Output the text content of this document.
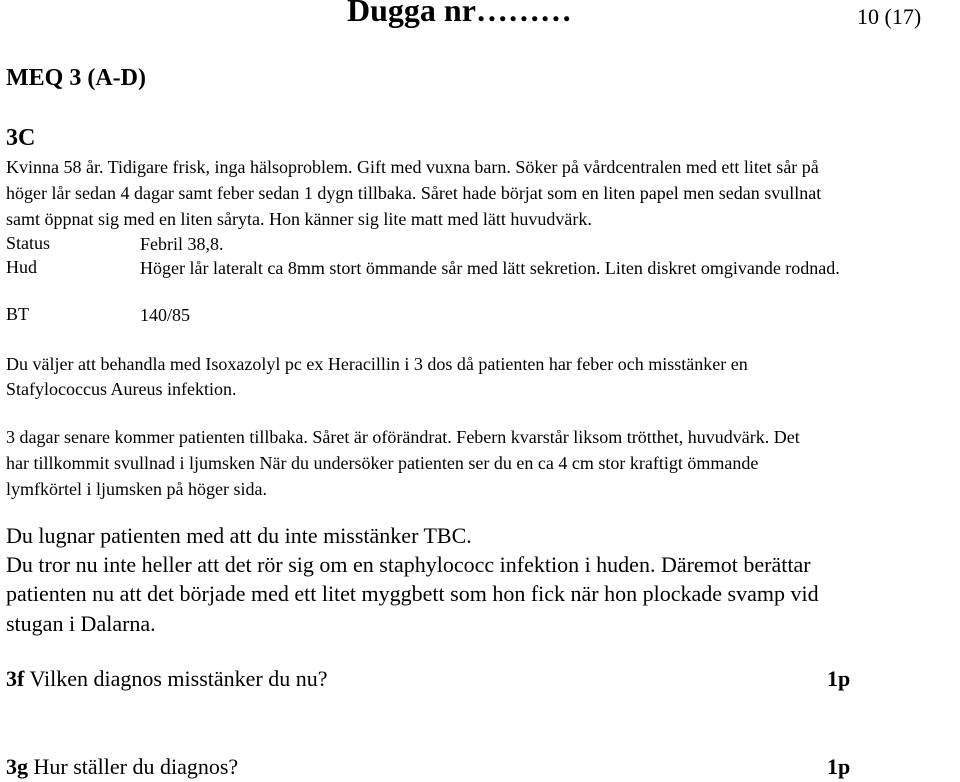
Dugga nr………	10 (17)
MEQ 3 (A-D)
3C
Kvinna 58 år. Tidigare frisk, inga hälsoproblem. Gift med vuxna barn. Söker på vårdcentralen med ett litet sår på
höger lår sedan 4 dagar samt feber sedan 1 dygn tillbaka. Såret hade börjat som en liten papel men sedan svullnat
samt öppnat sig med en liten såryta. Hon känner sig lite matt med lätt huvudvärk.
Status	Febril 38,8.
Hud	Höger lår lateralt ca 8mm stort ömmande sår med lätt sekretion. Liten diskret omgivande rodnad.
BT	140/85
Du väljer att behandla med Isoxazolyl pc ex Heracillin i 3 dos då patienten har feber och misstänker en
Stafylococcus Aureus infektion.
3 dagar senare kommer patienten tillbaka. Såret är oförändrat. Febern kvarstår liksom trötthet, huvudvärk. Det
har tillkommit svullnad i ljumsken När du undersöker patienten ser du en ca 4 cm stor kraftigt ömmande
lymfkörtel i ljumsken på höger sida.
Du lugnar patienten med att du inte misstänker TBC.
Du tror nu inte heller att det rör sig om en staphylococc infektion i huden. Däremot berättar
patienten nu att det började med ett litet myggbett som hon fick när hon plockade svamp vid
stugan i Dalarna.
3f Vilken diagnos misstänker du nu?	1p
3g Hur ställer du diagnos?	1p
